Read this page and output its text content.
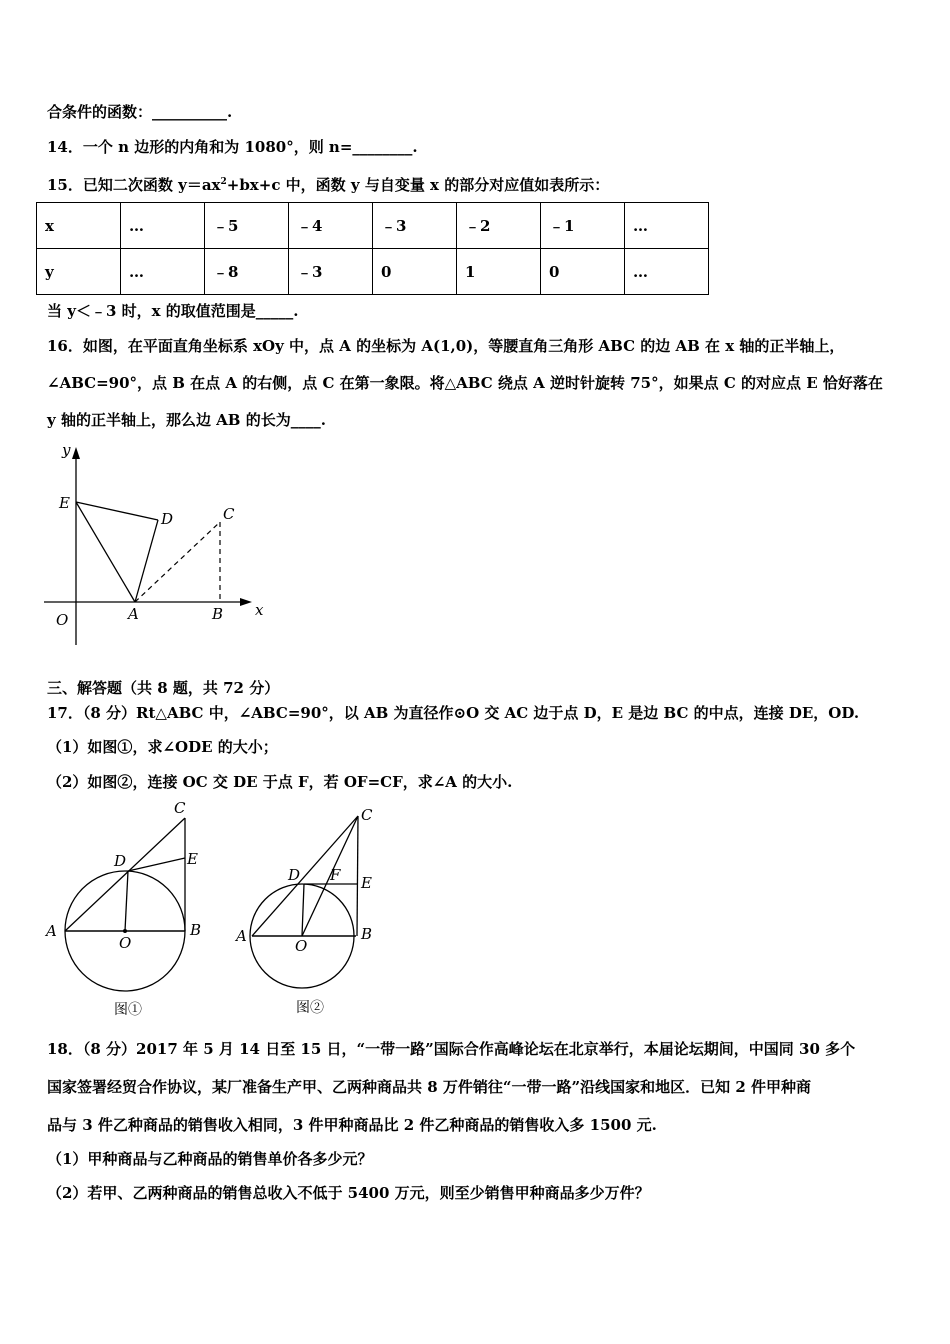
合条件的函数：__________.
14．一个 n 边形的内角和为 1080°，则 n=________.
15．已知二次函数 $y=ax^2+bx+c$ 中，函数 y 与自变量 x 的部分对应值如表所示：
x	…	﹣5	﹣4	﹣3	﹣2	﹣1	…
y	…	﹣8	﹣3	0	1	0	…
当 y＜﹣3 时，x 的取值范围是_____.
16．如图，在平面直角坐标系 xOy 中，点 A 的坐标为 A(1,0)，等腰直角三角形 ABC 的边 AB 在 x 轴的正半轴上，
∠ABC=90°，点 B 在点 A 的右侧，点 C 在第一象限。将△ABC 绕点 A 逆时针旋转 75°，如果点 C 的对应点 E 恰好落在
y 轴的正半轴上，那么边 AB 的长为____.
y
E
D	C
O	A	B x
三、解答题（共 8 题，共 72 分）
17．（8 分）Rt△ABC 中，∠ABC=90°，以 AB 为直径作⊙O 交 AC 边于点 D，E 是边 BC 的中点，连接 DE，OD.
（1）如图①，求∠ODE 的大小；
（2）如图②，连接 OC 交 DE 于点 F，若 OF=CF，求∠A 的大小.
C
D	E
A	B
O
图①
C
D F E
A	B
O
图②
18．（8 分）2017 年 5 月 14 日至 15 日，“一带一路”国际合作高峰论坛在北京举行，本届论坛期间，中国同 30 多个
国家签署经贸合作协议，某厂准备生产甲、乙两种商品共 8 万件销往“一带一路”沿线国家和地区．已知 2 件甲种商
品与 3 件乙种商品的销售收入相同，3 件甲种商品比 2 件乙种商品的销售收入多 1500 元.
（1）甲种商品与乙种商品的销售单价各多少元？
（2）若甲、乙两种商品的销售总收入不低于 5400 万元，则至少销售甲种商品多少万件？
